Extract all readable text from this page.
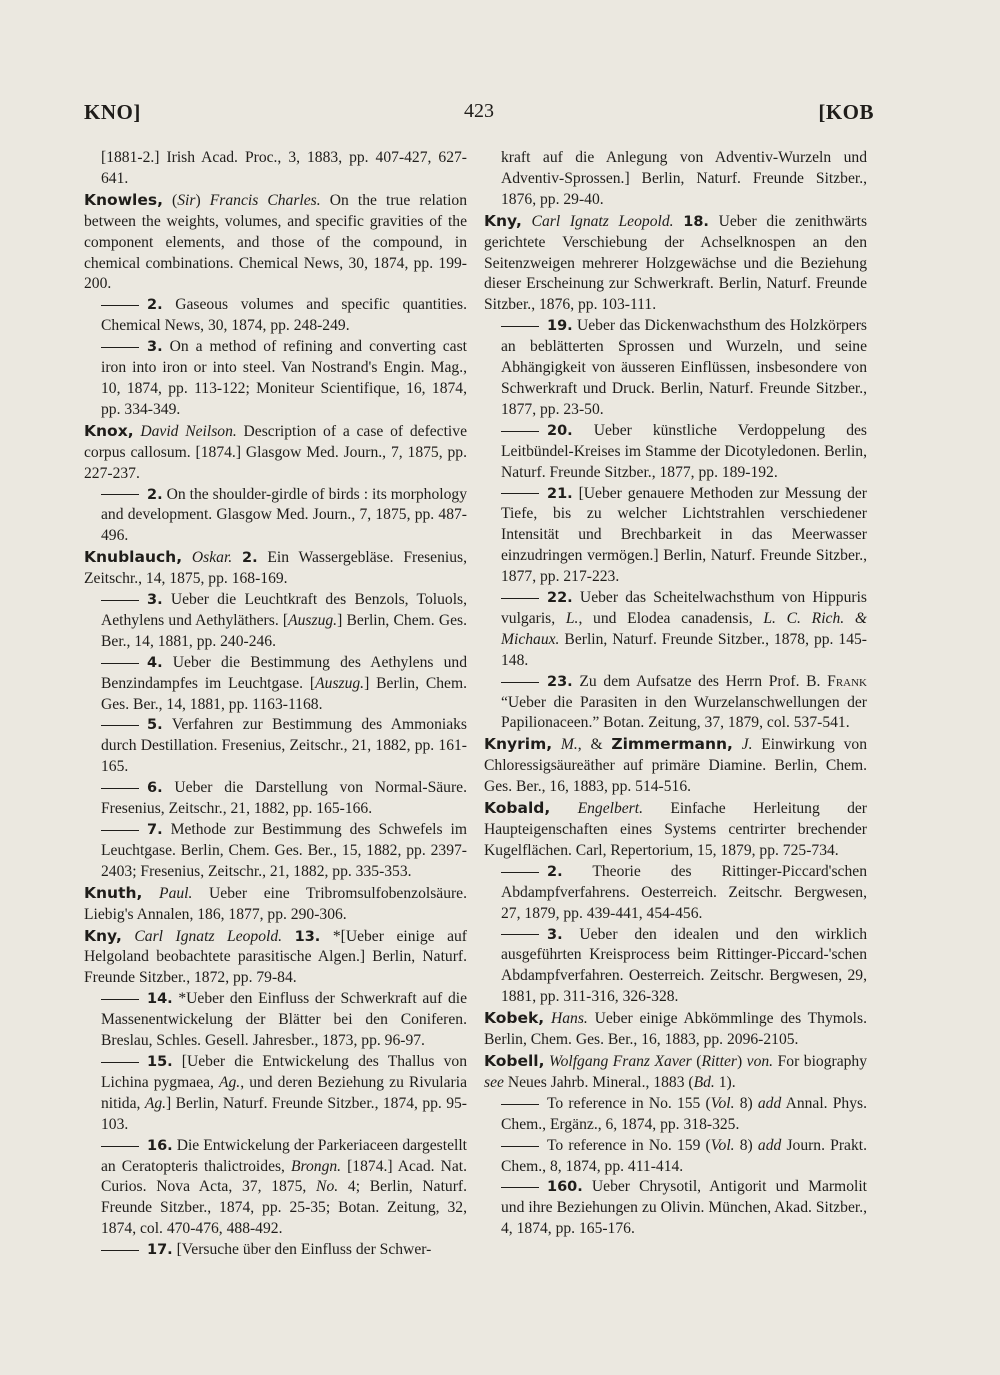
KNO]	423	[KOB

[1881-2.] Irish Acad. Proc., 3, 1883, pp. 407-427, 627-641.

Knowles, (Sir) Francis Charles. On the true relation between the weights, volumes, and specific gravities of the component elements, and those of the compound, in chemical combinations. Chemical News, 30, 1874, pp. 199-200.

2. Gaseous volumes and specific quantities. Chemical News, 30, 1874, pp. 248-249.

3. On a method of refining and converting cast iron into iron or into steel. Van Nostrand's Engin. Mag., 10, 1874, pp. 113-122; Moniteur Scientifique, 16, 1874, pp. 334-349.

Knox, David Neilson. Description of a case of defective corpus callosum. [1874.] Glasgow Med. Journ., 7, 1875, pp. 227-237.

2. On the shoulder-girdle of birds : its morphology and development. Glasgow Med. Journ., 7, 1875, pp. 487-496.

Knublauch, Oskar. 2. Ein Wassergebläse. Fresenius, Zeitschr., 14, 1875, pp. 168-169.

3. Ueber die Leuchtkraft des Benzols, Toluols, Aethylens und Aethyläthers. [Auszug.] Berlin, Chem. Ges. Ber., 14, 1881, pp. 240-246.

4. Ueber die Bestimmung des Aethylens und Benzindampfes im Leuchtgase. [Auszug.] Berlin, Chem. Ges. Ber., 14, 1881, pp. 1163-1168.

5. Verfahren zur Bestimmung des Ammoniaks durch Destillation. Fresenius, Zeitschr., 21, 1882, pp. 161-165.

6. Ueber die Darstellung von Normal-Säure. Fresenius, Zeitschr., 21, 1882, pp. 165-166.

7. Methode zur Bestimmung des Schwefels im Leuchtgase. Berlin, Chem. Ges. Ber., 15, 1882, pp. 2397-2403; Fresenius, Zeitschr., 21, 1882, pp. 335-353.

Knuth, Paul. Ueber eine Tribromsulfobenzolsäure. Liebig's Annalen, 186, 1877, pp. 290-306.

Kny, Carl Ignatz Leopold. 13. *[Ueber einige auf Helgoland beobachtete parasitische Algen.] Berlin, Naturf. Freunde Sitzber., 1872, pp. 79-84.

14. *Ueber den Einfluss der Schwerkraft auf die Massenentwickelung der Blätter bei den Coniferen. Breslau, Schles. Gesell. Jahresber., 1873, pp. 96-97.

15. [Ueber die Entwickelung des Thallus von Lichina pygmaea, Ag., und deren Beziehung zu Rivularia nitida, Ag.] Berlin, Naturf. Freunde Sitzber., 1874, pp. 95-103.

16. Die Entwickelung der Parkeriaceen dargestellt an Ceratopteris thalictroides, Brongn. [1874.] Acad. Nat. Curios. Nova Acta, 37, 1875, No. 4; Berlin, Naturf. Freunde Sitzber., 1874, pp. 25-35; Botan. Zeitung, 32, 1874, col. 470-476, 488-492.

17. [Versuche über den Einfluss der Schwer-

kraft auf die Anlegung von Adventiv-Wurzeln und Adventiv-Sprossen.] Berlin, Naturf. Freunde Sitzber., 1876, pp. 29-40.

Kny, Carl Ignatz Leopold. 18. Ueber die zenithwärts gerichtete Verschiebung der Achselknospen an den Seitenzweigen mehrerer Holzgewächse und die Beziehung dieser Erscheinung zur Schwerkraft. Berlin, Naturf. Freunde Sitzber., 1876, pp. 103-111.

19. Ueber das Dickenwachsthum des Holzkörpers an beblätterten Sprossen und Wurzeln, und seine Abhängigkeit von äusseren Einflüssen, insbesondere von Schwerkraft und Druck. Berlin, Naturf. Freunde Sitzber., 1877, pp. 23-50.

20. Ueber künstliche Verdoppelung des Leitbündel-Kreises im Stamme der Dicotyledonen. Berlin, Naturf. Freunde Sitzber., 1877, pp. 189-192.

21. [Ueber genauere Methoden zur Messung der Tiefe, bis zu welcher Lichtstrahlen verschiedener Intensität und Brechbarkeit in das Meerwasser einzudringen vermögen.] Berlin, Naturf. Freunde Sitzber., 1877, pp. 217-223.

22. Ueber das Scheitelwachsthum von Hippuris vulgaris, L., und Elodea canadensis, L. C. Rich. & Michaux. Berlin, Naturf. Freunde Sitzber., 1878, pp. 145-148.

23. Zu dem Aufsatze des Herrn Prof. B. Frank “Ueber die Parasiten in den Wurzelanschwellungen der Papilionaceen.” Botan. Zeitung, 37, 1879, col. 537-541.

Knyrim, M., & Zimmermann, J. Einwirkung von Chloressigsäureäther auf primäre Diamine. Berlin, Chem. Ges. Ber., 16, 1883, pp. 514-516.

Kobald, Engelbert. Einfache Herleitung der Haupteigenschaften eines Systems centrirter brechender Kugelflächen. Carl, Repertorium, 15, 1879, pp. 725-734.

2. Theorie des Rittinger-Piccard'schen Abdampfverfahrens. Oesterreich. Zeitschr. Bergwesen, 27, 1879, pp. 439-441, 454-456.

3. Ueber den idealen und den wirklich ausgeführten Kreisprocess beim Rittinger-Piccard-'schen Abdampfverfahren. Oesterreich. Zeitschr. Bergwesen, 29, 1881, pp. 311-316, 326-328.

Kobek, Hans. Ueber einige Abkömmlinge des Thymols. Berlin, Chem. Ges. Ber., 16, 1883, pp. 2096-2105.

Kobell, Wolfgang Franz Xaver (Ritter) von. For biography see Neues Jahrb. Mineral., 1883 (Bd. 1).

To reference in No. 155 (Vol. 8) add Annal. Phys. Chem., Ergänz., 6, 1874, pp. 318-325.

To reference in No. 159 (Vol. 8) add Journ. Prakt. Chem., 8, 1874, pp. 411-414.

160. Ueber Chrysotil, Antigorit und Marmolit und ihre Beziehungen zu Olivin. München, Akad. Sitzber., 4, 1874, pp. 165-176.
